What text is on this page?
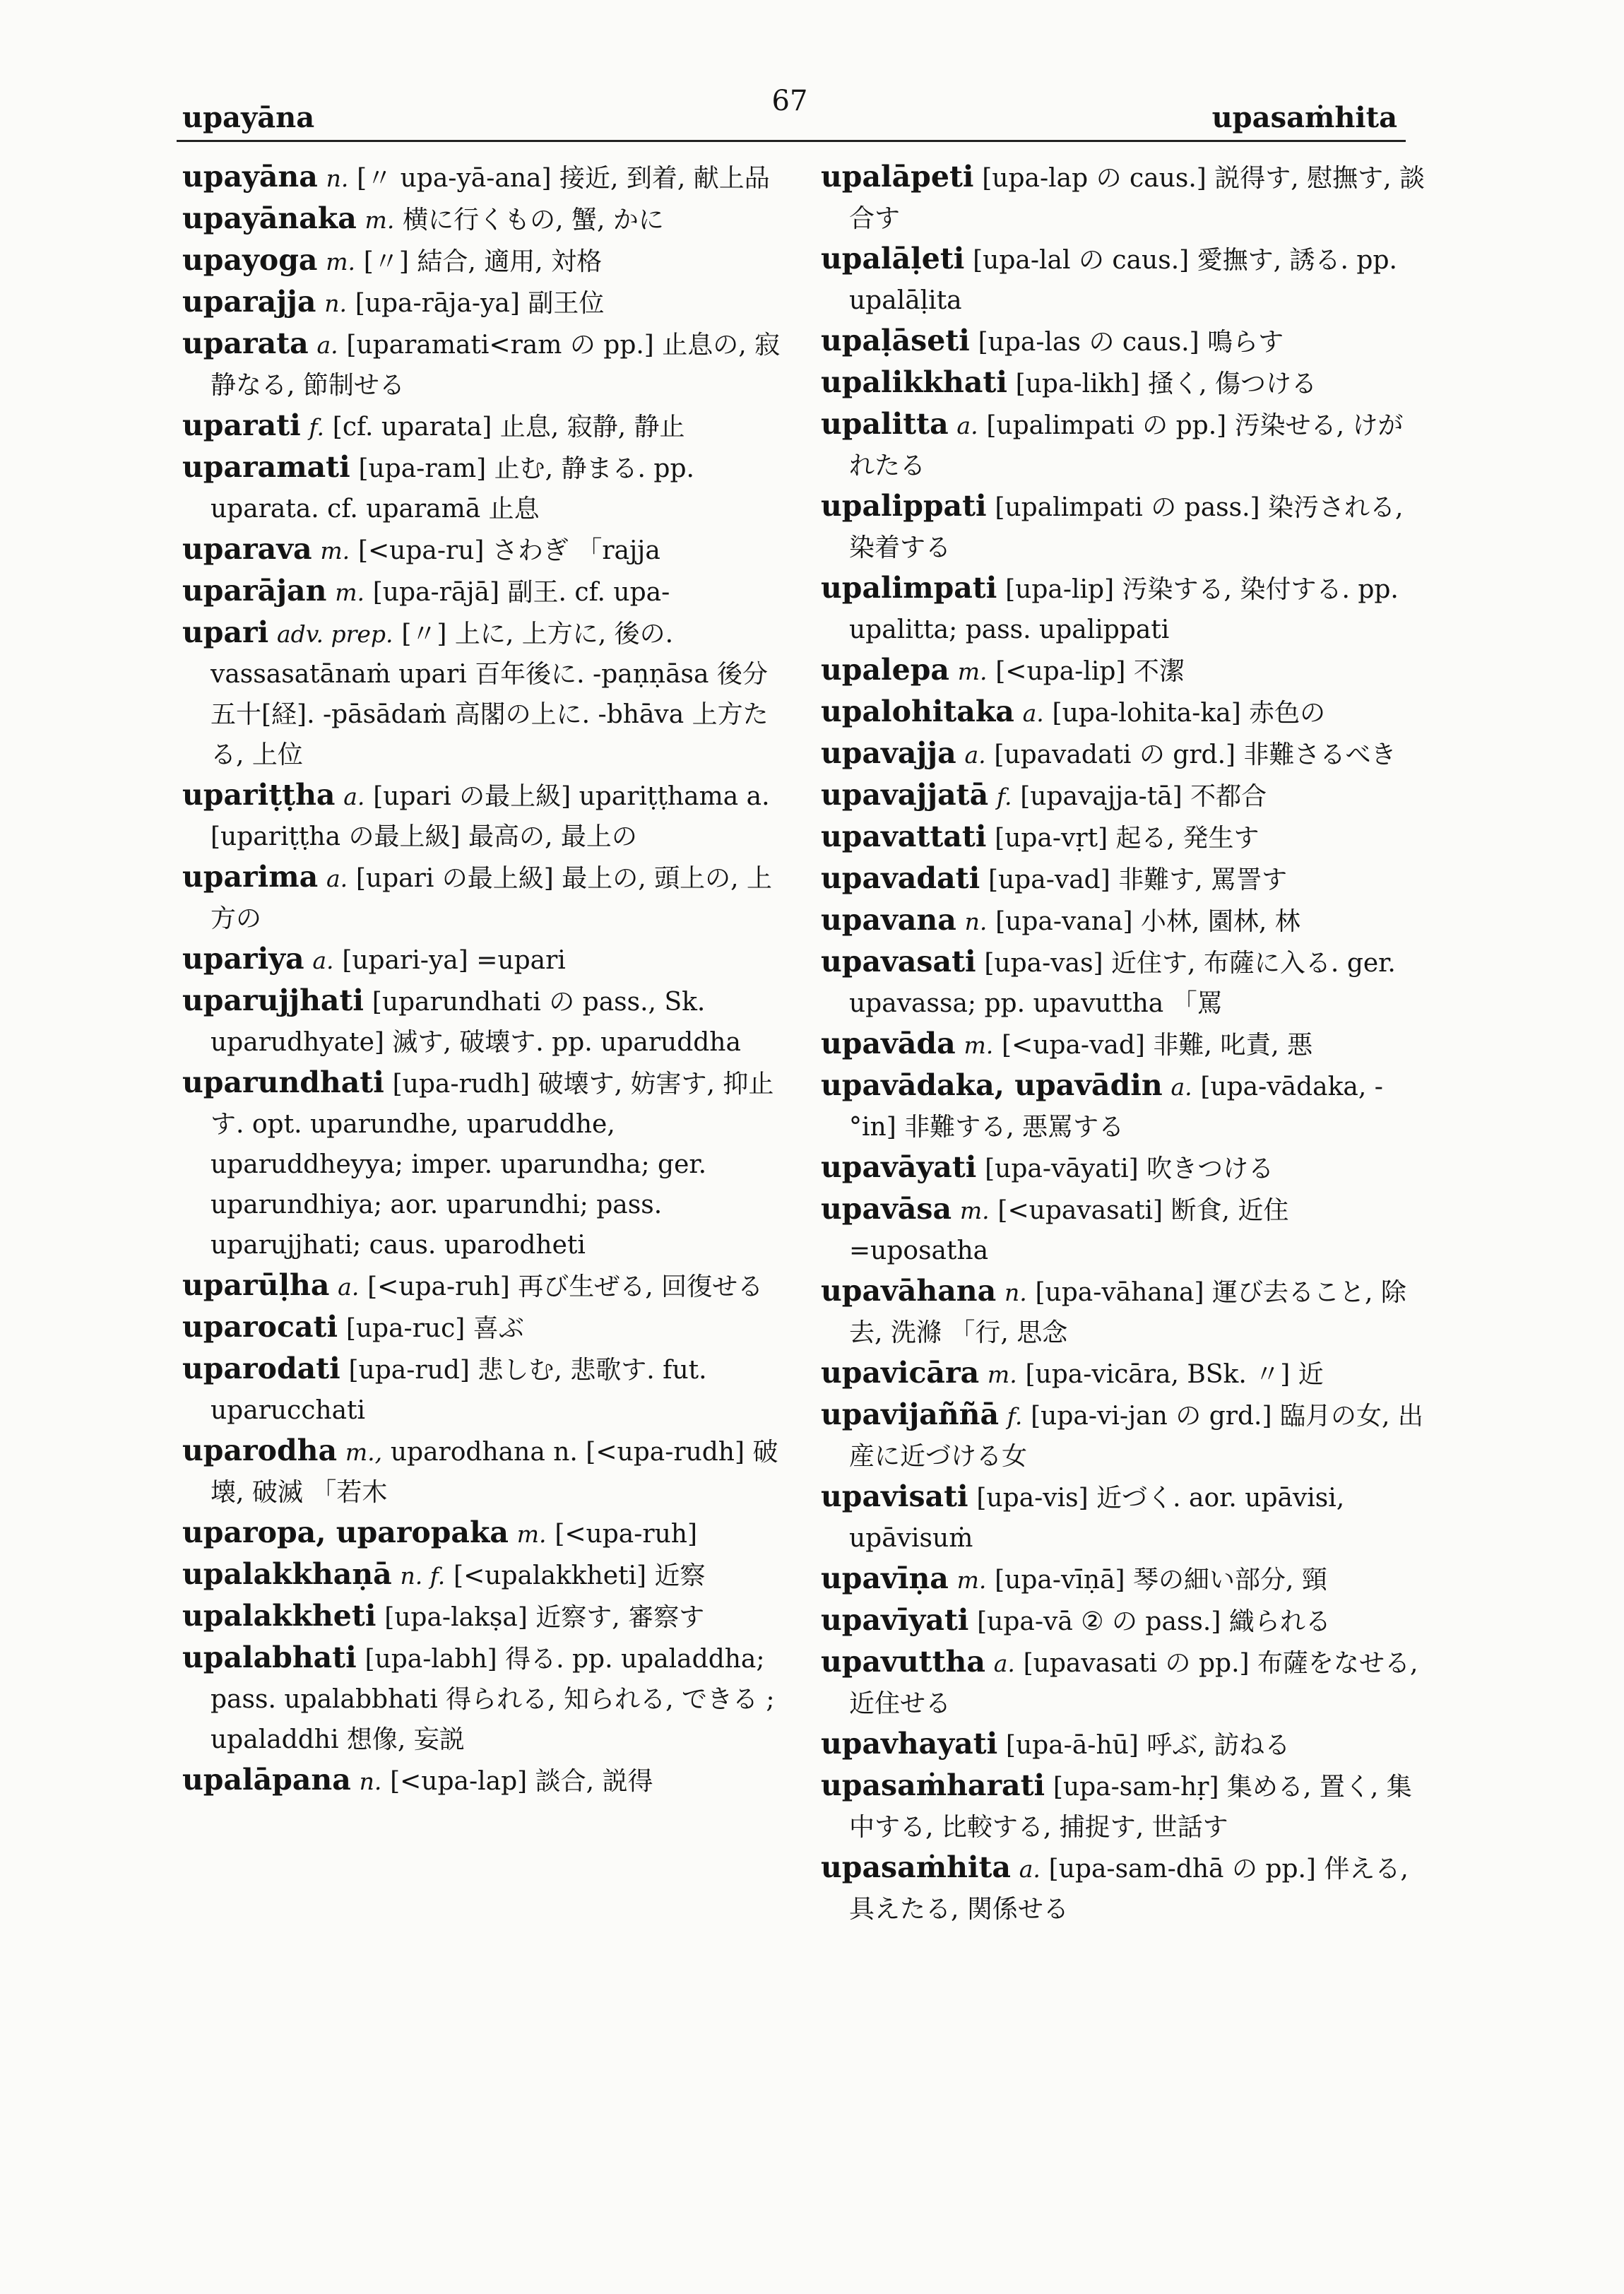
upayāna	67	upasaṁhita
upayāna n. [〃 upa-yā-ana] 接近, 到着, 献上品
upayānaka m. 横に行くもの, 蟹, かに
upayoga m. [〃] 結合, 適用, 対格
uparajja n. [upa-rāja-ya] 副王位
uparata a. [uparamati<ram の pp.] 止息の, 寂静なる, 節制せる
uparati f. [cf. uparata] 止息, 寂静, 静止
uparamati [upa-ram] 止む, 静まる. pp. uparata. cf. uparamā 止息
uparava m. [<upa-ru] さわぎ 「rajja
uparājan m. [upa-rājā] 副王. cf. upa-
upari adv. prep. [〃] 上に, 上方に, 後の. vassasatānaṁ upari 百年後に. -paṇṇāsa 後分五十[経]. -pāsādaṁ 高閣の上に. -bhāva 上方たる, 上位
upariṭṭha a. [upari の最上級] upariṭṭhama a. [upariṭṭha の最上級] 最高の, 最上の
uparima a. [upari の最上級] 最上の, 頭上の, 上方の
upariya a. [upari-ya] =upari
uparujjhati [uparundhati の pass., Sk. uparudhyate] 滅す, 破壊す. pp. uparuddha
uparundhati [upa-rudh] 破壊す, 妨害す, 抑止す. opt. uparundhe, uparuddhe, uparuddheyya; imper. uparundha; ger. uparundhiya; aor. uparundhi; pass. uparujjhati; caus. uparodheti
uparūḷha a. [<upa-ruh] 再び生ぜる, 回復せる
uparocati [upa-ruc] 喜ぶ
uparodati [upa-rud] 悲しむ, 悲歌す. fut. uparucchati
uparodha m., uparodhana n. [<upa-rudh] 破壊, 破滅 「若木
uparopa, uparopaka m. [<upa-ruh]
upalakkhaṇā n. f. [<upalakkheti] 近察
upalakkheti [upa-lakṣa] 近察す, 審察す
upalabhati [upa-labh] 得る. pp. upaladdha; pass. upalabbhati 得られる, 知られる, できる ; upaladdhi 想像, 妄説
upalāpana n. [<upa-lap] 談合, 説得
upalāpeti [upa-lap の caus.] 説得す, 慰撫す, 談合す
upalāḷeti [upa-lal の caus.] 愛撫す, 誘る. pp. upalāḷita
upaḷāseti [upa-las の caus.] 鳴らす
upalikkhati [upa-likh] 掻く, 傷つける
upalitta a. [upalimpati の pp.] 汚染せる, けがれたる
upalippati [upalimpati の pass.] 染汚される, 染着する
upalimpati [upa-lip] 汚染する, 染付する. pp. upalitta; pass. upalippati
upalepa m. [<upa-lip] 不潔
upalohitaka a. [upa-lohita-ka] 赤色の
upavajja a. [upavadati の grd.] 非難さるべき
upavajjatā f. [upavajja-tā] 不都合
upavattati [upa-vṛt] 起る, 発生す
upavadati [upa-vad] 非難す, 罵詈す
upavana n. [upa-vana] 小林, 園林, 林
upavasati [upa-vas] 近住す, 布薩に入る. ger. upavassa; pp. upavuttha 「罵
upavāda m. [<upa-vad] 非難, 叱責, 悪
upavādaka, upavādin a. [upa-vādaka, -°in] 非難する, 悪罵する
upavāyati [upa-vāyati] 吹きつける
upavāsa m. [<upavasati] 断食, 近住 =uposatha
upavāhana n. [upa-vāhana] 運び去ること, 除去, 洗滌 「行, 思念
upavicāra m. [upa-vicāra, BSk. 〃] 近
upavijaññā f. [upa-vi-jan の grd.] 臨月の女, 出産に近づける女
upavisati [upa-vis] 近づく. aor. upāvisi, upāvisuṁ
upavīṇa m. [upa-vīṇā] 琴の細い部分, 頸
upavīyati [upa-vā ② の pass.] 織られる
upavuttha a. [upavasati の pp.] 布薩をなせる, 近住せる
upavhayati [upa-ā-hū] 呼ぶ, 訪ねる
upasaṁharati [upa-sam-hṛ] 集める, 置く, 集中する, 比較する, 捕捉す, 世話す
upasaṁhita a. [upa-sam-dhā の pp.] 伴える, 具えたる, 関係せる
